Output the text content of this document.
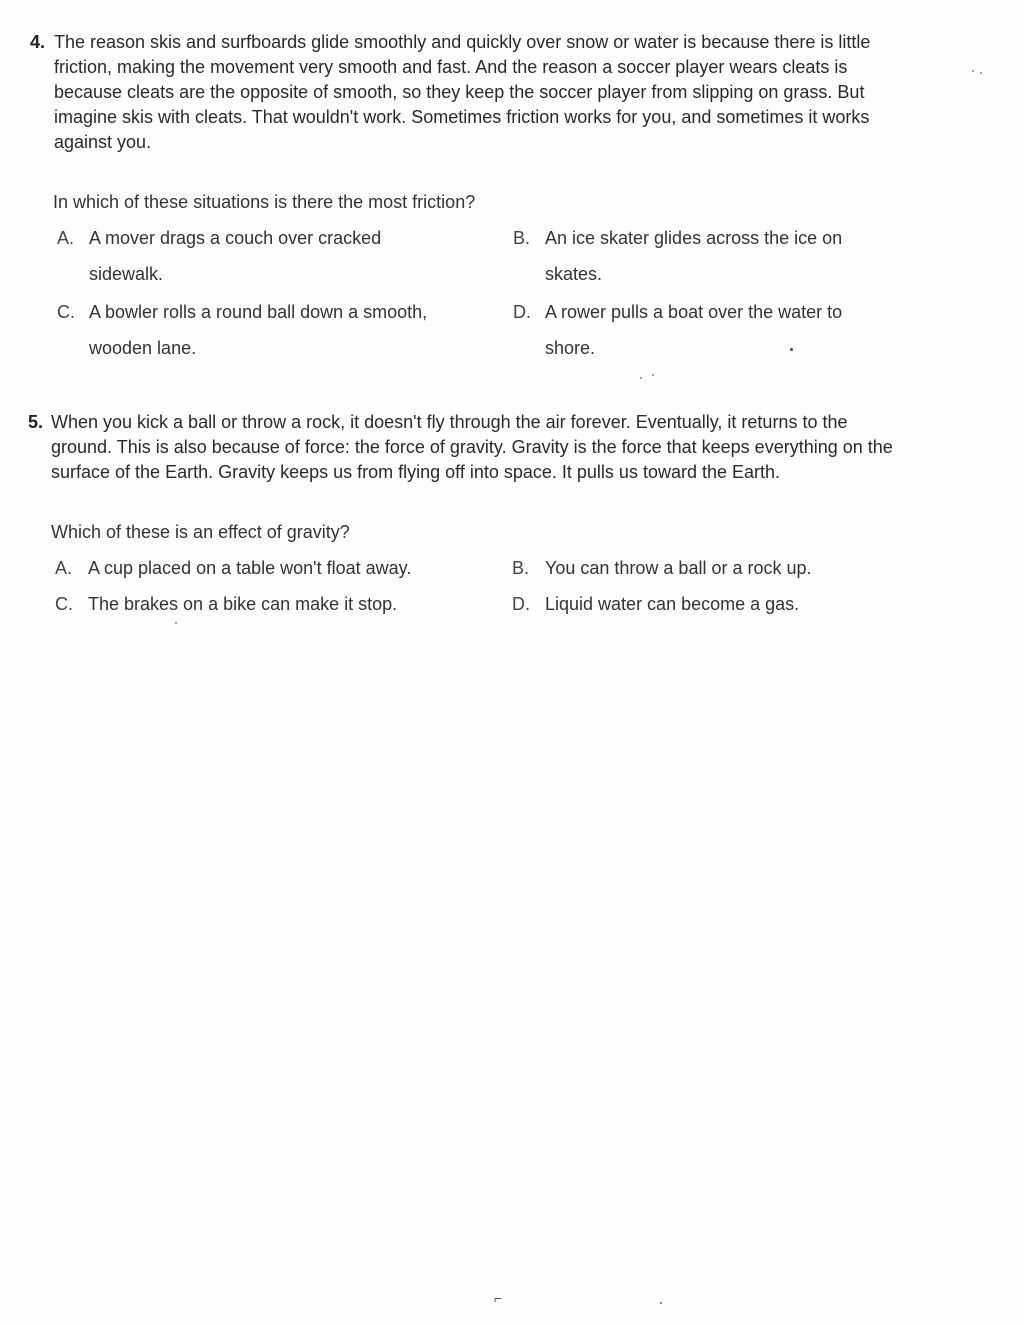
4. The reason skis and surfboards glide smoothly and quickly over snow or water is because there is little
friction, making the movement very smooth and fast. And the reason a soccer player wears cleats is
because cleats are the opposite of smooth, so they keep the soccer player from slipping on grass. But
imagine skis with cleats. That wouldn't work. Sometimes friction works for you, and sometimes it works
against you.
In which of these situations is there the most friction?
A. A mover drags a couch over cracked
sidewalk.
B. An ice skater glides across the ice on
skates.
C. A bowler rolls a round ball down a smooth,
wooden lane.
D. A rower pulls a boat over the water to
shore.
5. When you kick a ball or throw a rock, it doesn't fly through the air forever. Eventually, it returns to the
ground. This is also because of force: the force of gravity. Gravity is the force that keeps everything on the
surface of the Earth. Gravity keeps us from flying off into space. It pulls us toward the Earth.
Which of these is an effect of gravity?
A. A cup placed on a table won't float away.	B. You can throw a ball or a rock up.
C. The brakes on a bike can make it stop.	D. Liquid water can become a gas.
⌐
